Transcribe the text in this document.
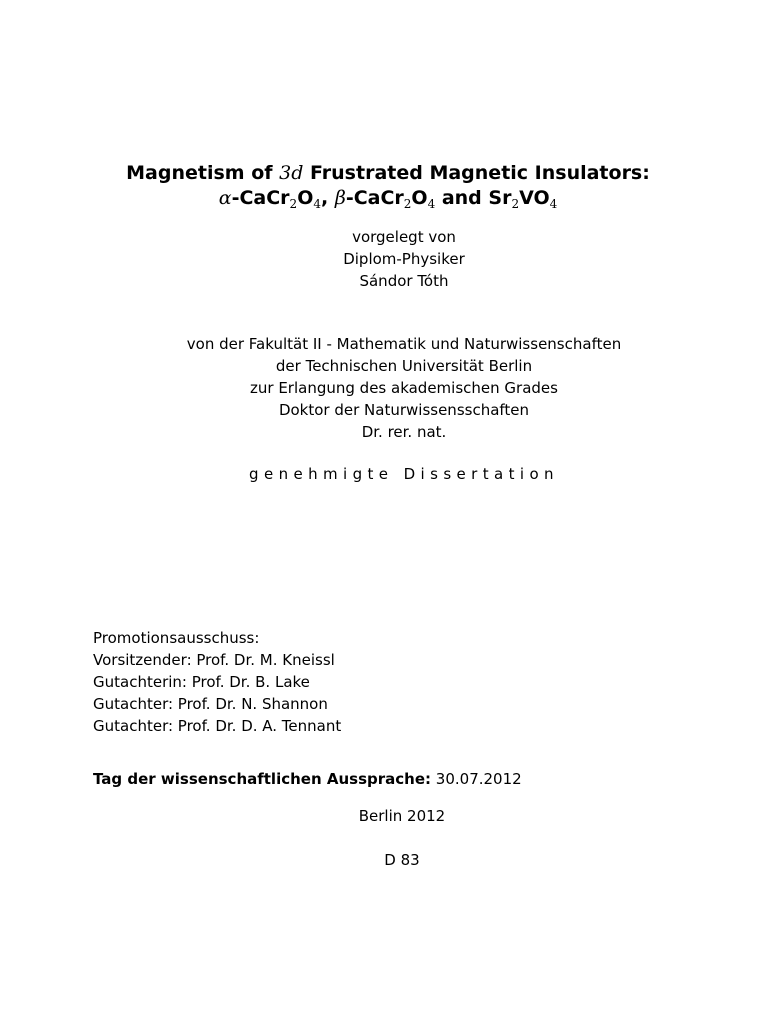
Magnetism of 3d Frustrated Magnetic Insulators:
$\alpha-CaCr_2O_4$, $\beta-CaCr_2O_4$ and $Sr_2VO_4$
vorgelegt von
Diplom-Physiker
Sándor Tóth
von der Fakultät II - Mathematik und Naturwissenschaften
der Technischen Universität Berlin
zur Erlangung des akademischen Grades
Doktor der Naturwissensschaften
Dr. rer. nat.
genehmigte Dissertation
Promotionsausschuss:
Vorsitzender: Prof. Dr. M. Kneissl
Gutachterin: Prof. Dr. B. Lake
Gutachter: Prof. Dr. N. Shannon
Gutachter: Prof. Dr. D. A. Tennant
Tag der wissenschaftlichen Aussprache: 30.07.2012
Berlin 2012
D 83
